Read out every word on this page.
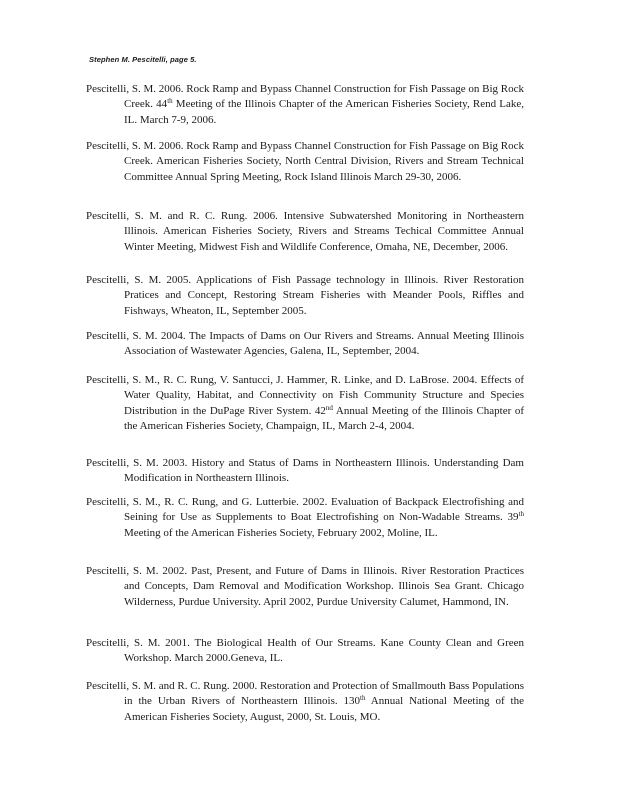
Stephen M. Pescitelli, page 5.
Pescitelli, S. M. 2006. Rock Ramp and Bypass Channel Construction for Fish Passage on Big Rock Creek. 44th Meeting of the Illinois Chapter of the American Fisheries Society, Rend Lake, IL. March 7-9, 2006.
Pescitelli, S. M. 2006. Rock Ramp and Bypass Channel Construction for Fish Passage on Big Rock Creek. American Fisheries Society, North Central Division, Rivers and Stream Technical Committee Annual Spring Meeting, Rock Island Illinois March 29-30, 2006.
Pescitelli, S. M. and R. C. Rung. 2006. Intensive Subwatershed Monitoring in Northeastern Illinois. American Fisheries Society, Rivers and Streams Techical Committee Annual Winter Meeting, Midwest Fish and Wildlife Conference, Omaha, NE, December, 2006.
Pescitelli, S. M. 2005. Applications of Fish Passage technology in Illinois. River Restoration Pratices and Concept, Restoring Stream Fisheries with Meander Pools, Riffles and Fishways, Wheaton, IL, September 2005.
Pescitelli, S. M. 2004. The Impacts of Dams on Our Rivers and Streams. Annual Meeting Illinois Association of Wastewater Agencies, Galena, IL, September, 2004.
Pescitelli, S. M., R. C. Rung, V. Santucci, J. Hammer, R. Linke, and D. LaBrose. 2004. Effects of Water Quality, Habitat, and Connectivity on Fish Community Structure and Species Distribution in the DuPage River System. 42nd Annual Meeting of the Illinois Chapter of the American Fisheries Society, Champaign, IL, March 2-4, 2004.
Pescitelli, S. M. 2003. History and Status of Dams in Northeastern Illinois. Understanding Dam Modification in Northeastern Illinois.
Pescitelli, S. M., R. C. Rung, and G. Lutterbie. 2002. Evaluation of Backpack Electrofishing and Seining for Use as Supplements to Boat Electrofishing on Non-Wadable Streams. 39th Meeting of the American Fisheries Society, February 2002, Moline, IL.
Pescitelli, S. M. 2002. Past, Present, and Future of Dams in Illinois. River Restoration Practices and Concepts, Dam Removal and Modification Workshop. Illinois Sea Grant. Chicago Wilderness, Purdue University. April 2002, Purdue University Calumet, Hammond, IN.
Pescitelli, S. M. 2001. The Biological Health of Our Streams. Kane County Clean and Green Workshop. March 2000.Geneva, IL.
Pescitelli, S. M. and R. C. Rung. 2000. Restoration and Protection of Smallmouth Bass Populations in the Urban Rivers of Northeastern Illinois. 130th Annual National Meeting of the American Fisheries Society, August, 2000, St. Louis, MO.
